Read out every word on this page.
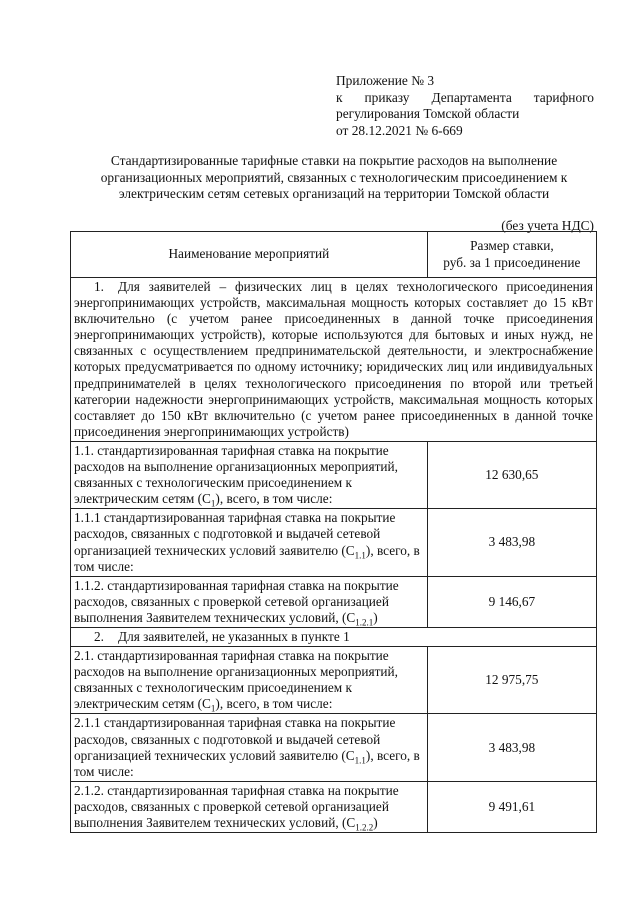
Приложение № 3
к приказу Департамента тарифного
регулирования Томской области
от 28.12.2021 № 6-669
Стандартизированные тарифные ставки на покрытие расходов на выполнение организационных мероприятий, связанных с технологическим присоединением к электрическим сетям сетевых организаций на территории Томской области
(без учета НДС)
Наименование мероприятий	Размер ставки,
руб. за 1 присоединение
1. Для заявителей – физических лиц в целях технологического присоединения энергопринимающих устройств, максимальная мощность которых составляет до 15 кВт включительно (с учетом ранее присоединенных в данной точке присоединения энергопринимающих устройств), которые используются для бытовых и иных нужд, не связанных с осуществлением предпринимательской деятельности, и электроснабжение которых предусматривается по одному источнику; юридических лиц или индивидуальных предпринимателей в целях технологического присоединения по второй или третьей категории надежности энергопринимающих устройств, максимальная мощность которых составляет до 150 кВт включительно (с учетом ранее присоединенных в данной точке присоединения энергопринимающих устройств)	
1.1. стандартизированная тарифная ставка на покрытие расходов на выполнение организационных мероприятий, связанных с технологическим присоединением к электрическим сетям $(С_1)$, всего, в том числе:	12 630,65
1.1.1 стандартизированная тарифная ставка на покрытие расходов, связанных с подготовкой и выдачей сетевой организацией технических условий заявителю $(С_{1.1})$, всего, в том числе:	3 483,98
1.1.2. стандартизированная тарифная ставка на покрытие расходов, связанных с проверкой сетевой организацией выполнения Заявителем технических условий, $(С_{1.2.1})$	9 146,67
2. Для заявителей, не указанных в пункте 1	
2.1. стандартизированная тарифная ставка на покрытие расходов на выполнение организационных мероприятий, связанных с технологическим присоединением к электрическим сетям $(С_1)$, всего, в том числе:	12 975,75
2.1.1 стандартизированная тарифная ставка на покрытие расходов, связанных с подготовкой и выдачей сетевой организацией технических условий заявителю $(С_{1.1})$, всего, в том числе:	3 483,98
2.1.2. стандартизированная тарифная ставка на покрытие расходов, связанных с проверкой сетевой организацией выполнения Заявителем технических условий, $(С_{1.2.2})$	9 491,61
